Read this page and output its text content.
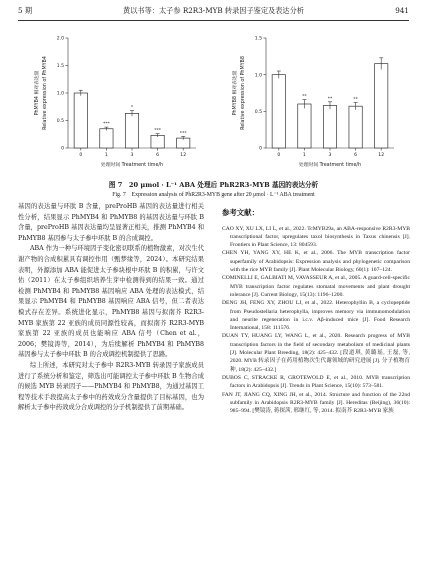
5 期	黄以书等：太子参 R2R3-MYB 转录因子鉴定及表达分析	941
0
0.5
1.0
1.5
2.0
0
***
1
*
3
***
6
***
12
处理时间 Treatment time/h
PhMYB4 相对表达量 Relative expression of PhMYB4
0
0.5
1.0
1.5
0
**
1
**
3
**
6	12
处理时间 Treatment time/h
PhMYB8 相对表达量 Relative expression of PhMYB8
图 7　20 μmol · L⁻¹ ABA 处理后 PhR2R3-MYB 基因的表达分析
Fig. 7　Expression analysis of PhR2R3-MYB gene after 20 μmol · L⁻¹ ABA treatment

基因的表达量与环肽 B 含量，preProHB 基因的表达量进行相关性分析，结果显示 PhMYB4 和 PhMYB8 的基因表达量与环肽 B 含量，preProHB 基因表达量均呈显著正相关，推测 PhMYB4 和 PhMYB8 基因参与太子参中环肽 B 的合成调控。

ABA 作为一种与环境因子变化密切联系的植物激素，对次生代谢产物的合成积累具有调控作用（甄梦缘等，2024）。本研究结果表明，外源添加 ABA 能促进太子参块根中环肽 B 的积累，与许文佑（2011）在太子参组织培养生芽中检测得到的结果一致。通过检测 PhMYB4 和 PhMYB8 基因响应 ABA 处理的表达模式，结果显示 PhMYB4 和 PhMYB8 基因响应 ABA 信号，但二者表达模式存在差异。系统进化显示，PhMYB8 基因与拟南芥 R2R3-MYB 家族第 22 亚族的成员同源性较高，而拟南芥 R2R3-MYB 家族第 22 亚族的成员也能响应 ABA 信号（Chen et al.，2006；樊镜涛等，2014），为后续解析 PhMYB4 和 PhMYB8 基因参与太子参中环肽 B 的合成调控机制提供了思路。

综上所述，本研究对太子参中 R2R3-MYB 转录因子家族成员进行了系统分析和鉴定，筛选出可能调控太子参中环肽 B 生物合成的候选 MYB 转录因子——PhMYB4 和 PhMYB8，为通过基因工程等技术手段提高太子参中的药效成分含量提供了目标基因，也为解析太子参中药效成分合成调控的分子机制提供了前期基础。

参考文献：

CAO XY, XU LX, LI L, et al., 2022. TcMYB29a, an ABA-responsive R2R3-MYB transcriptional factor, upregulates taxol biosynthesis in Taxus chinensis [J]. Frontiers in Plant Science, 13: 804593.

CHEN YH, YANG XY, HE K, et al., 2006. The MYB transcription factor superfamily of Arabidopsis: Expression analysis and phylogenetic comparison with the rice MYB family [J]. Plant Molecular Biology, 60(1): 107–124.

COMINELLI E, GALBIATI M, VAVASSEUR A, et al., 2005. A guard-cell-specific MYB transcription factor regulates stomatal movements and plant drought tolerance [J]. Current Biology, 15(13): 1196–1200.

DENG JH, FENG XY, ZHOU LJ, et al., 2022. Heterophyllin B, a cyclopeptide from Pseudostellaria heterophylla, improves memory via immunomodulation and neurite regeneration in i.c.v. Aβ-induced mice [J]. Food Research International, 158: 111576.

DUAN TY, HUANG LY, WANG L, et al., 2020. Research progress of MYB transcription factors in the field of secondary metabolism of medicinal plants [J]. Molecular Plant Breeding, 18(2): 425–432. [段道琪, 黄璐瑶, 王磊, 等, 2020. MYB 转录因子在药用植物次生代谢领域的研究进展 [J]. 分子植物育种, 18(2): 425–432.]

DUBOS C, STRACKE R, GROTEWOLD E, et al., 2010. MYB transcription factors in Arabidopsis [J]. Trends in Plant Science, 15(10): 573–581.

FAN JT, JIANG CQ, XING JH, et al., 2014. Structure and function of the 22nd subfamily in Arabidopsis R2R3-MYB family [J]. Hereditas (Beijing), 36(10): 985–994. [樊镜涛, 蒋探茜, 邢继红, 等, 2014. 拟南芥 R2R3-MYB 家族
